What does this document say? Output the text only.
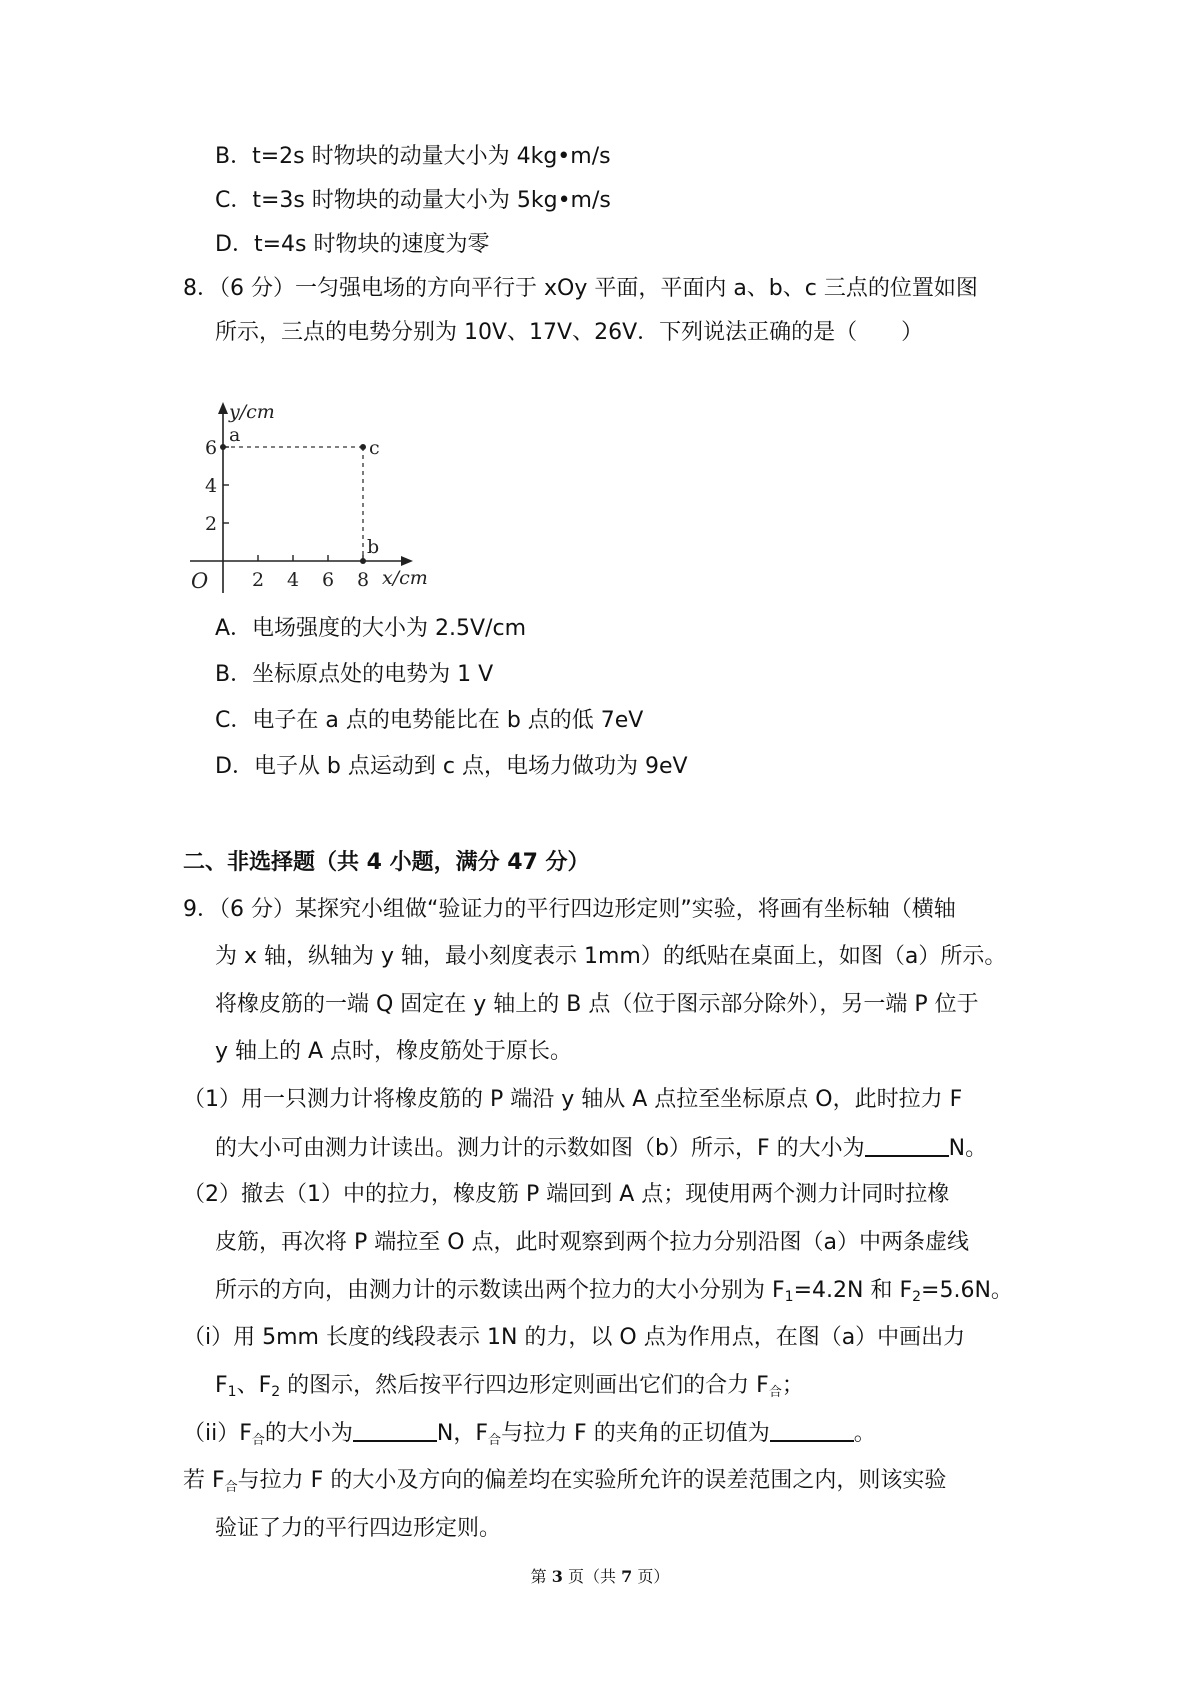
B．t=2s 时物块的动量大小为 4kg•m/s
C．t=3s 时物块的动量大小为 5kg•m/s
D．t=4s 时物块的速度为零
8．（6 分）一匀强电场的方向平行于 xOy 平面，平面内 a、b、c 三点的位置如图
所示，三点的电势分别为 10V、17V、26V．下列说法正确的是（　　）
y/cm
x/cm
O
6
4
2
2 4 6 8
a
c
b
A．电场强度的大小为 2.5V/cm
B．坐标原点处的电势为 1 V
C．电子在 a 点的电势能比在 b 点的低 7eV
D．电子从 b 点运动到 c 点，电场力做功为 9eV
二、非选择题（共 4 小题，满分 47 分）
9．（6 分）某探究小组做“验证力的平行四边形定则”实验，将画有坐标轴（横轴
为 x 轴，纵轴为 y 轴，最小刻度表示 1mm）的纸贴在桌面上，如图（a）所示。
将橡皮筋的一端 Q 固定在 y 轴上的 B 点（位于图示部分除外），另一端 P 位于
y 轴上的 A 点时，橡皮筋处于原长。
（1）用一只测力计将橡皮筋的 P 端沿 y 轴从 A 点拉至坐标原点 O，此时拉力 F
的大小可由测力计读出。测力计的示数如图（b）所示，F 的大小为	N。
（2）撤去（1）中的拉力，橡皮筋 P 端回到 A 点；现使用两个测力计同时拉橡
皮筋，再次将 P 端拉至 O 点，此时观察到两个拉力分别沿图（a）中两条虚线
所示的方向，由测力计的示数读出两个拉力的大小分别为 $F_1=4.2N$ 和 $F_2=5.6N$。
（i）用 5mm 长度的线段表示 1N 的力，以 O 点为作用点，在图（a）中画出力
$F_1$、$F_2$ 的图示，然后按平行四边形定则画出它们的合力 $F_合$；
$(ii)F_合$的大小为	N，$F_合$与拉力 F 的夹角的正切值为	。
若 $F_合$与拉力 F 的大小及方向的偏差均在实验所允许的误差范围之内，则该实验
验证了力的平行四边形定则。
第 3 页（共 7 页）
